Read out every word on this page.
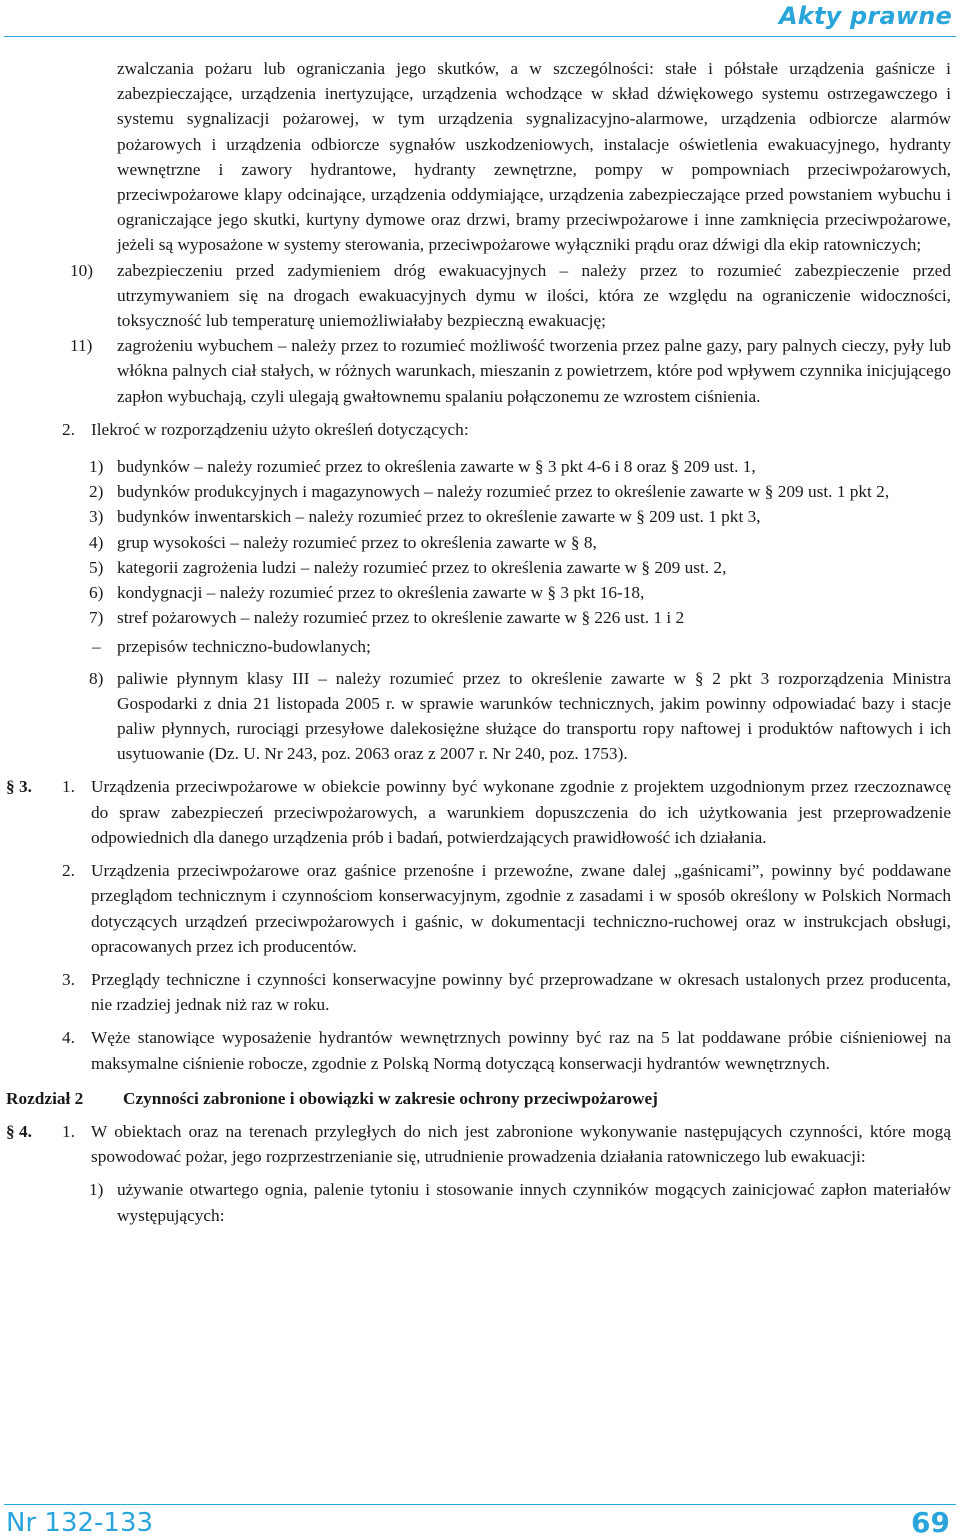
Akty prawne
zwalczania pożaru lub ograniczania jego skutków, a w szczególności: stałe i półstałe urządzenia gaśnicze i zabezpieczające, urządzenia inertyzujące, urządzenia wchodzące w skład dźwiękowego systemu ostrzegawczego i systemu sygnalizacji pożarowej, w tym urządzenia sygnalizacyjno-alarmowe, urządzenia odbiorcze alarmów pożarowych i urządzenia odbiorcze sygnałów uszkodzeniowych, instalacje oświetlenia ewakuacyjnego, hydranty wewnętrzne i zawory hydrantowe, hydranty zewnętrzne, pompy w pompowniach przeciwpożarowych, przeciwpożarowe klapy odcinające, urządzenia oddymiające, urządzenia zabezpieczające przed powstaniem wybuchu i ograniczające jego skutki, kurtyny dymowe oraz drzwi, bramy przeciwpożarowe i inne zamknięcia przeciwpożarowe, jeżeli są wyposażone w systemy sterowania, przeciwpożarowe wyłączniki prądu oraz dźwigi dla ekip ratowniczych;
10) zabezpieczeniu przed zadymieniem dróg ewakuacyjnych – należy przez to rozumieć zabezpieczenie przed utrzymywaniem się na drogach ewakuacyjnych dymu w ilości, która ze względu na ograniczenie widoczności, toksyczność lub temperaturę uniemożliwiałaby bezpieczną ewakuację;
11) zagrożeniu wybuchem – należy przez to rozumieć możliwość tworzenia przez palne gazy, pary palnych cieczy, pyły lub włókna palnych ciał stałych, w różnych warunkach, mieszanin z powietrzem, które pod wpływem czynnika inicjującego zapłon wybuchają, czyli ulegają gwałtownemu spalaniu połączonemu ze wzrostem ciśnienia.
2. Ilekroć w rozporządzeniu użyto określeń dotyczących:
1) budynków – należy rozumieć przez to określenia zawarte w § 3 pkt 4-6 i 8 oraz § 209 ust. 1,
2) budynków produkcyjnych i magazynowych – należy rozumieć przez to określenie zawarte w § 209 ust. 1 pkt 2,
3) budynków inwentarskich – należy rozumieć przez to określenie zawarte w § 209 ust. 1 pkt 3,
4) grup wysokości – należy rozumieć przez to określenia zawarte w § 8,
5) kategorii zagrożenia ludzi – należy rozumieć przez to określenia zawarte w § 209 ust. 2,
6) kondygnacji – należy rozumieć przez to określenia zawarte w § 3 pkt 16-18,
7) stref pożarowych – należy rozumieć przez to określenie zawarte w § 226 ust. 1 i 2
– przepisów techniczno-budowlanych;
8) paliwie płynnym klasy III – należy rozumieć przez to określenie zawarte w § 2 pkt 3 rozporządzenia Ministra Gospodarki z dnia 21 listopada 2005 r. w sprawie warunków technicznych, jakim powinny odpowiadać bazy i stacje paliw płynnych, rurociągi przesyłowe dalekosiężne służące do transportu ropy naftowej i produktów naftowych i ich usytuowanie (Dz. U. Nr 243, poz. 2063 oraz z 2007 r. Nr 240, poz. 1753).
§ 3. 1. Urządzenia przeciwpożarowe w obiekcie powinny być wykonane zgodnie z projektem uzgodnionym przez rzeczoznawcę do spraw zabezpieczeń przeciwpożarowych, a warunkiem dopuszczenia do ich użytkowania jest przeprowadzenie odpowiednich dla danego urządzenia prób i badań, potwierdzających prawidłowość ich działania.
2. Urządzenia przeciwpożarowe oraz gaśnice przenośne i przewoźne, zwane dalej „gaśnicami”, powinny być poddawane przeglądom technicznym i czynnościom konserwacyjnym, zgodnie z zasadami i w sposób określony w Polskich Normach dotyczących urządzeń przeciwpożarowych i gaśnic, w dokumentacji techniczno-ruchowej oraz w instrukcjach obsługi, opracowanych przez ich producentów.
3. Przeglądy techniczne i czynności konserwacyjne powinny być przeprowadzane w okresach ustalonych przez producenta, nie rzadziej jednak niż raz w roku.
4. Węże stanowiące wyposażenie hydrantów wewnętrznych powinny być raz na 5 lat poddawane próbie ciśnieniowej na maksymalne ciśnienie robocze, zgodnie z Polską Normą dotyczącą konserwacji hydrantów wewnętrznych.
Rozdział 2	Czynności zabronione i obowiązki w zakresie ochrony przeciwpożarowej
§ 4. 1. W obiektach oraz na terenach przyległych do nich jest zabronione wykonywanie następujących czynności, które mogą spowodować pożar, jego rozprzestrzenianie się, utrudnienie prowadzenia działania ratowniczego lub ewakuacji:
1) używanie otwartego ognia, palenie tytoniu i stosowanie innych czynników mogących zainicjować zapłon materiałów występujących:
Nr 132-133	69
